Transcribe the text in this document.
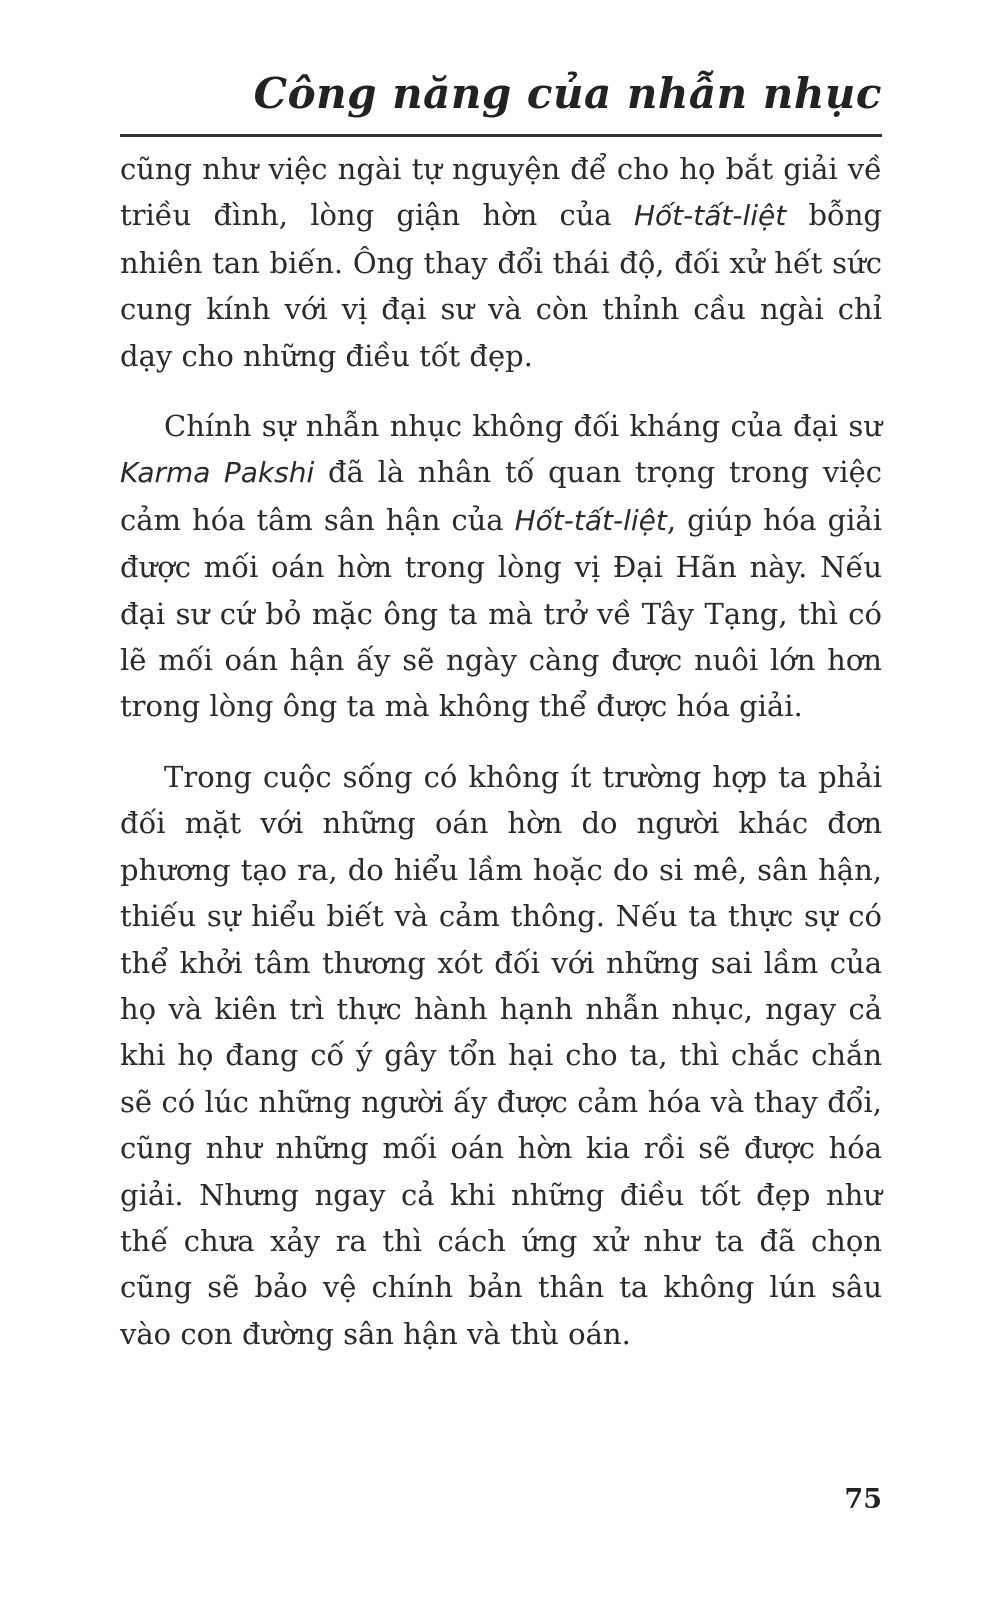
Công năng của nhẫn nhục

cũng như việc ngài tự nguyện để cho họ bắt giải về triều đình, lòng giận hờn của Hốt-tất-liệt bỗng nhiên tan biến. Ông thay đổi thái độ, đối xử hết sức cung kính với vị đại sư và còn thỉnh cầu ngài chỉ dạy cho những điều tốt đẹp.

Chính sự nhẫn nhục không đối kháng của đại sư Karma Pakshi đã là nhân tố quan trọng trong việc cảm hóa tâm sân hận của Hốt-tất-liệt, giúp hóa giải được mối oán hờn trong lòng vị Đại Hãn này. Nếu đại sư cứ bỏ mặc ông ta mà trở về Tây Tạng, thì có lẽ mối oán hận ấy sẽ ngày càng được nuôi lớn hơn trong lòng ông ta mà không thể được hóa giải.

Trong cuộc sống có không ít trường hợp ta phải đối mặt với những oán hờn do người khác đơn phương tạo ra, do hiểu lầm hoặc do si mê, sân hận, thiếu sự hiểu biết và cảm thông. Nếu ta thực sự có thể khởi tâm thương xót đối với những sai lầm của họ và kiên trì thực hành hạnh nhẫn nhục, ngay cả khi họ đang cố ý gây tổn hại cho ta, thì chắc chắn sẽ có lúc những người ấy được cảm hóa và thay đổi, cũng như những mối oán hờn kia rồi sẽ được hóa giải. Nhưng ngay cả khi những điều tốt đẹp như thế chưa xảy ra thì cách ứng xử như ta đã chọn cũng sẽ bảo vệ chính bản thân ta không lún sâu vào con đường sân hận và thù oán.

75
